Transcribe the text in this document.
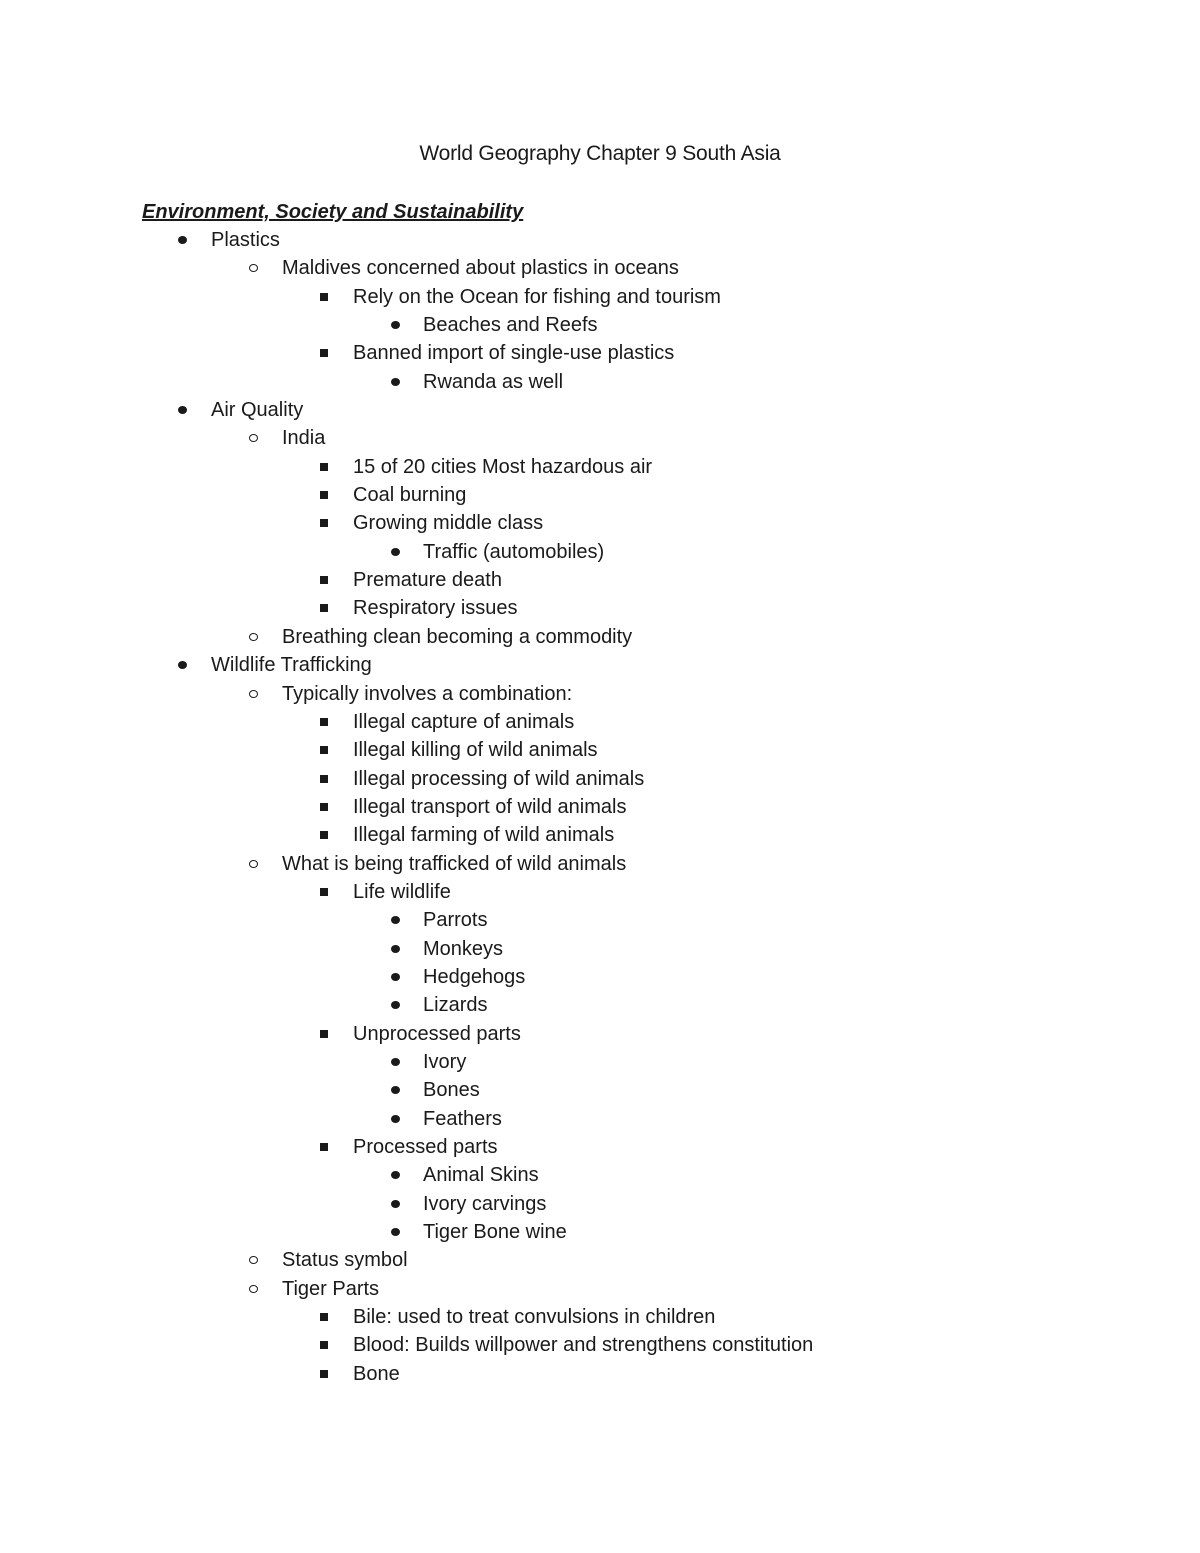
World Geography Chapter 9 South Asia
Environment, Society and Sustainability
Plastics
Maldives concerned about plastics in oceans
Rely on the Ocean for fishing and tourism
Beaches and Reefs
Banned import of single-use plastics
Rwanda as well
Air Quality
India
15 of 20 cities Most hazardous air
Coal burning
Growing middle class
Traffic (automobiles)
Premature death
Respiratory issues
Breathing clean becoming a commodity
Wildlife Trafficking
Typically involves a combination:
Illegal capture of animals
Illegal killing of wild animals
Illegal processing of wild animals
Illegal transport of wild animals
Illegal farming of wild animals
What is being trafficked of wild animals
Life wildlife
Parrots
Monkeys
Hedgehogs
Lizards
Unprocessed parts
Ivory
Bones
Feathers
Processed parts
Animal Skins
Ivory carvings
Tiger Bone wine
Status symbol
Tiger Parts
Bile: used to treat convulsions in children
Blood: Builds willpower and strengthens constitution
Bone
